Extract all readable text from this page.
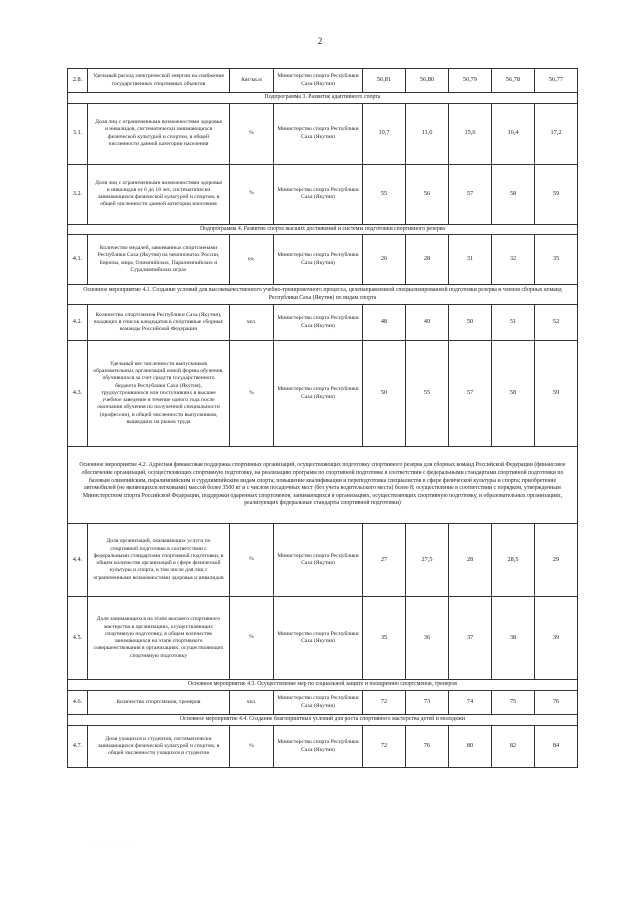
2
2.8.	Удельный расход электрической энергии на снабжение государственных спортивных объектов	Квт/кв.м	Министерство спорта Республики Саха (Якутия)	56,81	56,80	56,79	56,78	56,77
Подпрограмма 3. Развитие адаптивного спорта								
3.1.	Доля лиц с ограниченными возможностями здоровья и инвалидов, систематически занимающихся физической культурой и спортом, в общей численности данной категории населения	%	Министерство спорта Республики Саха (Якутия)	10,7	11,6	15,6	16,4	17,2
3.2.	Доля лиц с ограниченными возможностями здоровья и инвалидов от 6 до 18 лет, систематически занимающихся физической культурой и спортом, в общей численности данной категории населения	%	Министерство спорта Республики Саха (Якутия)	55	56	57	58	59
Подпрограмма 4. Развитие спорта высших достижений и системы подготовки спортивного резерва								
4.1.	Количество медалей, завоеванных спортсменами Республики Саха (Якутия) на чемпионатах России, Европы, мира, Олимпийских, Паралимпийских и Сурдлимпийских играх	ед.	Министерство спорта Республики Саха (Якутия)	26	28	31	32	35
Основное мероприятие 4.1. Создание условий для высококачественного учебно-тренировочного процесса, целенаправленной специализированной подготовки резерва и членов сборных команд Республики Саха (Якутия) по видам спорта								
4.2.	Количество спортсменов Республики Саха (Якутия), входящих в список кандидатов в спортивные сборные команды Российской Федерации	чел.	Министерство спорта Республики Саха (Якутия)	48	49	50	51	52
4.3.	Удельный вес численности выпускников образовательных организаций очной формы обучения, обучившихся за счет средств государственного бюджета Республики Саха (Якутия), трудоустроившихся или поступивших в высшее учебное заведение в течение одного года после окончания обучения по полученной специальности (профессии), в общей численности выпускников, вышедших на рынок труда	%	Министерство спорта Республики Саха (Якутия)	50	55	57	58	59
Основное мероприятие 4.2. Адресная финансовая поддержка спортивных организаций, осуществляющих подготовку спортивного резерва для сборных команд Российской Федерации (финансовое обеспечение организаций, осуществляющих спортивную подготовку, на реализацию программ по спортивной подготовке в соответствии с федеральными стандартами спортивной подготовки по базовым олимпийским, паралимпийским и сурдлимпийским видам спорта; повышение квалификации и переподготовка специалистов в сфере физической культуры и спорта; приобретение автомобилей (не являющихся легковыми) массой более 3500 кг и с числом посадочных мест (без учета водительского места) более 8; осуществление в соответствии с порядком, утвержденным Министерством спорта Российской Федерации, поддержки одаренных спортсменов, занимающихся в организациях, осуществляющих спортивную подготовку, и образовательных организациях, реализующих федеральные стандарты спортивной подготовки)								
4.4.	Доля организаций, оказывающих услуги по спортивной подготовке в соответствии с федеральными стандартами спортивной подготовки, в общем количестве организаций в сфере физической культуры и спорта, в том числе для лиц с ограниченными возможностями здоровья и инвалидов	%	Министерство спорта Республики Саха (Якутия)	27	27,5	28	28,5	29
4.5.	Доля занимающихся на этапе высшего спортивного мастерства в организациях, осуществляющих спортивную подготовку, в общем количестве занимающихся на этапе спортивного совершенствования в организациях, осуществляющих спортивную подготовку	%	Министерство спорта Республики Саха (Якутия)	35	36	37	38	39
Основное мероприятие 4.3. Осуществление мер по социальной защите и поощрению спортсменов, тренеров								
4.6.	Количество спортсменов, тренеров	чел.	Министерство спорта Республики Саха (Якутия)	72	73	74	75	76
Основное мероприятие 4.4. Создание благоприятных условий для роста спортивного мастерства детей и молодежи								
4.7.	Доля учащихся и студентов, систематически занимающихся физической культурой и спортом, в общей численности учащихся и студентов	%	Министерство спорта Республики Саха (Якутия)	72	76	80	82	84
· · · · · · · · · · ·
